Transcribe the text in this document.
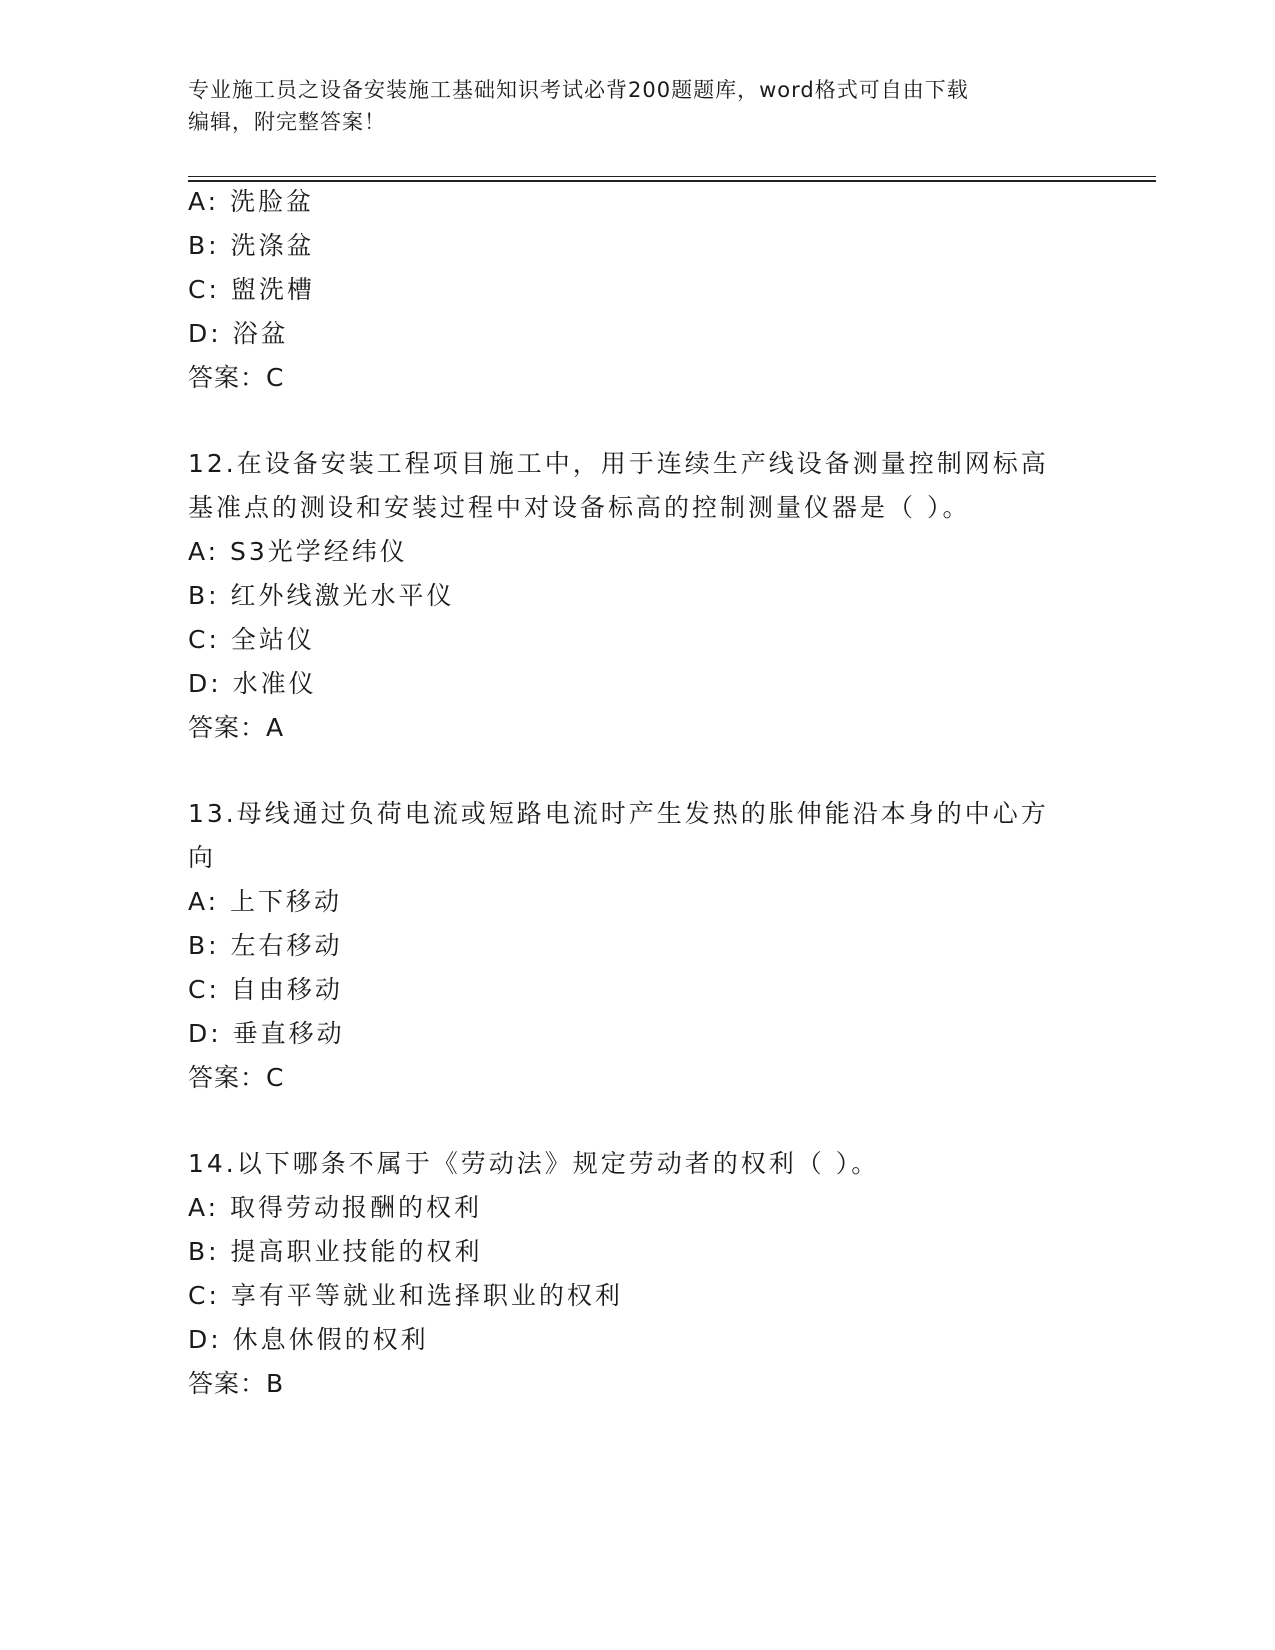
专业施工员之设备安装施工基础知识考试必背200题题库，word格式可自由下载
编辑，附完整答案！
A: 洗脸盆
B: 洗涤盆
C: 盥洗槽
D: 浴盆
答案：C
12.在设备安装工程项目施工中，用于连续生产线设备测量控制网标高
基准点的测设和安装过程中对设备标高的控制测量仪器是（ ）。
A: S3光学经纬仪
B: 红外线激光水平仪
C: 全站仪
D: 水准仪
答案：A
13.母线通过负荷电流或短路电流时产生发热的胀伸能沿本身的中心方
向
A: 上下移动
B: 左右移动
C: 自由移动
D: 垂直移动
答案：C
14.以下哪条不属于《劳动法》规定劳动者的权利（ ）。
A: 取得劳动报酬的权利
B: 提高职业技能的权利
C: 享有平等就业和选择职业的权利
D: 休息休假的权利
答案：B
